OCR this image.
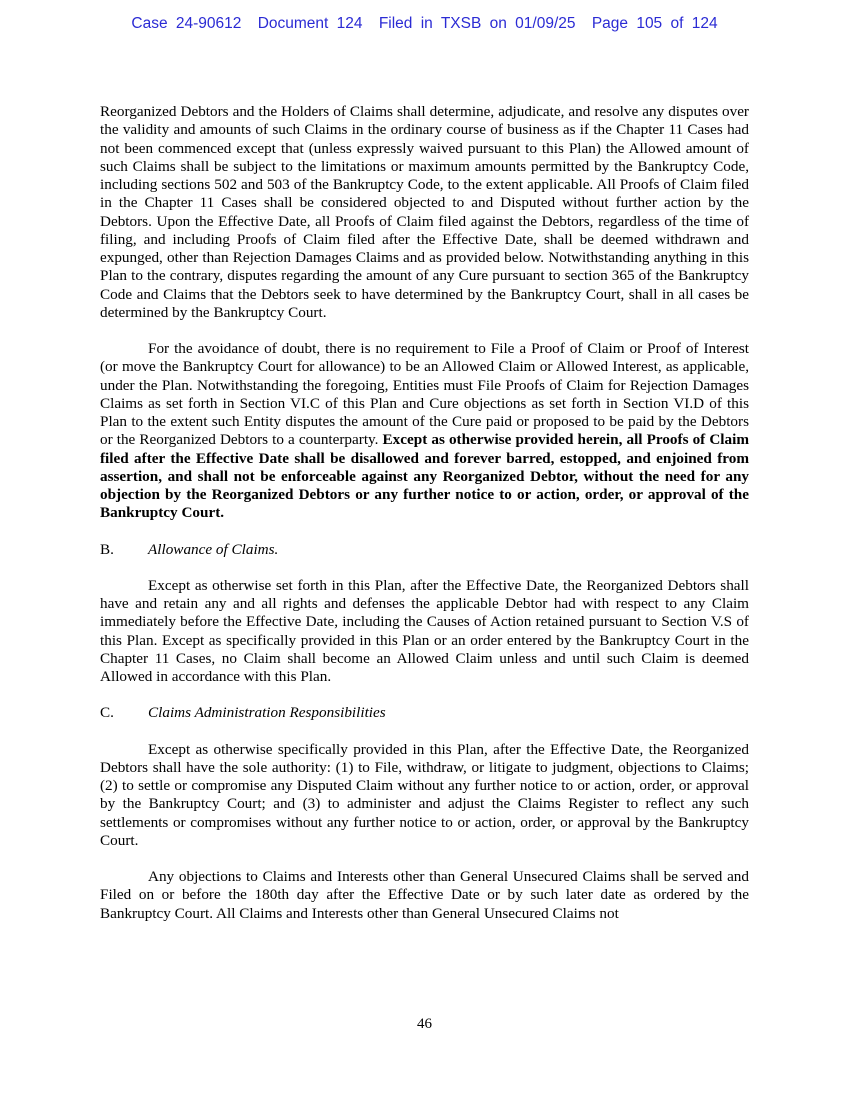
Case 24-90612 Document 124 Filed in TXSB on 01/09/25 Page 105 of 124

Reorganized Debtors and the Holders of Claims shall determine, adjudicate, and resolve any disputes over the validity and amounts of such Claims in the ordinary course of business as if the Chapter 11 Cases had not been commenced except that (unless expressly waived pursuant to this Plan) the Allowed amount of such Claims shall be subject to the limitations or maximum amounts permitted by the Bankruptcy Code, including sections 502 and 503 of the Bankruptcy Code, to the extent applicable. All Proofs of Claim filed in the Chapter 11 Cases shall be considered objected to and Disputed without further action by the Debtors. Upon the Effective Date, all Proofs of Claim filed against the Debtors, regardless of the time of filing, and including Proofs of Claim filed after the Effective Date, shall be deemed withdrawn and expunged, other than Rejection Damages Claims and as provided below. Notwithstanding anything in this Plan to the contrary, disputes regarding the amount of any Cure pursuant to section 365 of the Bankruptcy Code and Claims that the Debtors seek to have determined by the Bankruptcy Court, shall in all cases be determined by the Bankruptcy Court.

For the avoidance of doubt, there is no requirement to File a Proof of Claim or Proof of Interest (or move the Bankruptcy Court for allowance) to be an Allowed Claim or Allowed Interest, as applicable, under the Plan. Notwithstanding the foregoing, Entities must File Proofs of Claim for Rejection Damages Claims as set forth in Section VI.C of this Plan and Cure objections as set forth in Section VI.D of this Plan to the extent such Entity disputes the amount of the Cure paid or proposed to be paid by the Debtors or the Reorganized Debtors to a counterparty. Except as otherwise provided herein, all Proofs of Claim filed after the Effective Date shall be disallowed and forever barred, estopped, and enjoined from assertion, and shall not be enforceable against any Reorganized Debtor, without the need for any objection by the Reorganized Debtors or any further notice to or action, order, or approval of the Bankruptcy Court.

B. Allowance of Claims.

Except as otherwise set forth in this Plan, after the Effective Date, the Reorganized Debtors shall have and retain any and all rights and defenses the applicable Debtor had with respect to any Claim immediately before the Effective Date, including the Causes of Action retained pursuant to Section V.S of this Plan. Except as specifically provided in this Plan or an order entered by the Bankruptcy Court in the Chapter 11 Cases, no Claim shall become an Allowed Claim unless and until such Claim is deemed Allowed in accordance with this Plan.

C. Claims Administration Responsibilities

Except as otherwise specifically provided in this Plan, after the Effective Date, the Reorganized Debtors shall have the sole authority: (1) to File, withdraw, or litigate to judgment, objections to Claims; (2) to settle or compromise any Disputed Claim without any further notice to or action, order, or approval by the Bankruptcy Court; and (3) to administer and adjust the Claims Register to reflect any such settlements or compromises without any further notice to or action, order, or approval by the Bankruptcy Court.

Any objections to Claims and Interests other than General Unsecured Claims shall be served and Filed on or before the 180th day after the Effective Date or by such later date as ordered by the Bankruptcy Court. All Claims and Interests other than General Unsecured Claims not

46
